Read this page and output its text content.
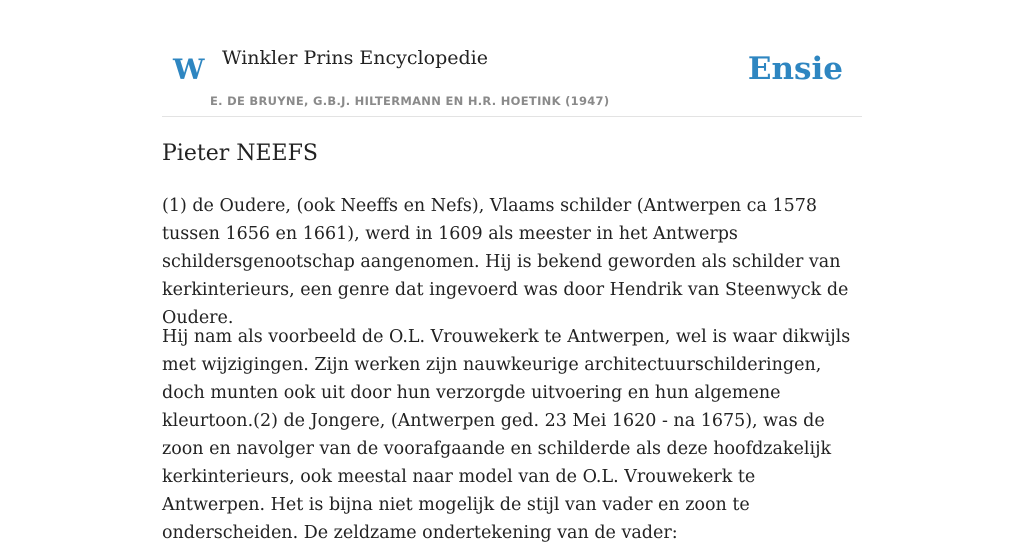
W Winkler Prins Encyclopedie
E. DE BRUYNE, G.B.J. HILTERMANN EN H.R. HOETINK (1947)
Ensie
Pieter NEEFS

(1) de Oudere, (ook Neeffs en Nefs), Vlaams schilder (Antwerpen ca 1578 tussen 1656 en 1661), werd in 1609 als meester in het Antwerps schildersgenootschap aangenomen. Hij is bekend geworden als schilder van kerkinterieurs, een genre dat ingevoerd was door Hendrik van Steenwyck de Oudere.

Hij nam als voorbeeld de O.L. Vrouwekerk te Antwerpen, wel is waar dikwijls met wijzigingen. Zijn werken zijn nauwkeurige architectuurschilderingen, doch munten ook uit door hun verzorgde uitvoering en hun algemene kleurtoon.(2) de Jongere, (Antwerpen ged. 23 Mei 1620 - na 1675), was de zoon en navolger van de voorafgaande en schilderde als deze hoofdzakelijk kerkinterieurs, ook meestal naar model van de O.L. Vrouwekerk te Antwerpen. Het is bijna niet mogelijk de stijl van vader en zoon te onderscheiden. De zeldzame ondertekening van de vader:
